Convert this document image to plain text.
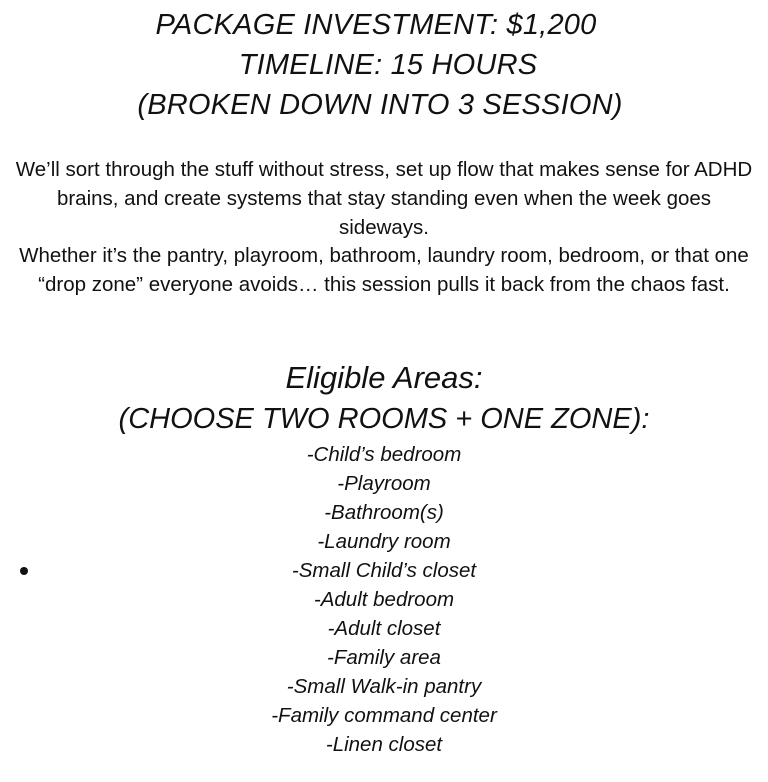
PACKAGE INVESTMENT: $1,200

TIMELINE: 15 HOURS

(BROKEN DOWN INTO 3 SESSION)

We’ll sort through the stuff without stress, set up flow that makes sense for ADHD brains, and create systems that stay standing even when the week goes sideways.

Whether it’s the pantry, playroom, bathroom, laundry room, bedroom, or that one “drop zone” everyone avoids… this session pulls it back from the chaos fast.

Eligible Areas:

(CHOOSE TWO ROOMS + ONE ZONE):

-Child’s bedroom
-Playroom
-Bathroom(s)
-Laundry room
-Small Child’s closet
-Adult bedroom
-Adult closet
-Family area
-Small Walk-in pantry
-Family command center
-Linen closet
